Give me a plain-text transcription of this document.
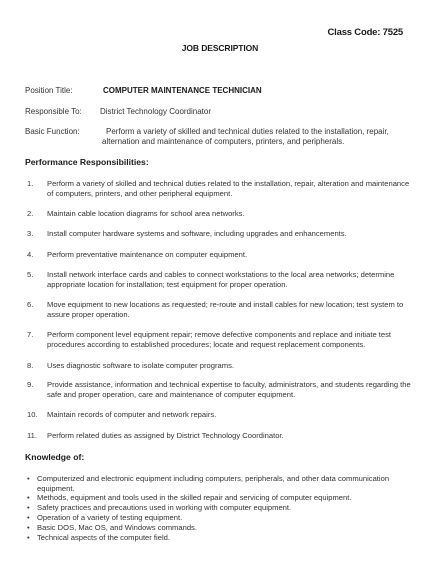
Class Code: 7525
JOB DESCRIPTION
Position Title:	COMPUTER MAINTENANCE TECHNICIAN
Responsible To: District Technology Coordinator
Basic Function:	Perform a variety of skilled and technical duties related to the installation, repair, alternation and maintenance of computers, printers, and peripherals.
Performance Responsibilities:
1. Perform a variety of skilled and technical duties related to the installation, repair, alteration and maintenance of computers, printers, and other peripheral equipment.
2. Maintain cable location diagrams for school area networks.
3. Install computer hardware systems and software, including upgrades and enhancements.
4. Perform preventative maintenance on computer equipment.
5. Install network interface cards and cables to connect workstations to the local area networks; determine appropriate location for installation; test equipment for proper operation.
6. Move equipment to new locations as requested; re-route and install cables for new location; test system to assure proper operation.
7. Perform component level equipment repair; remove defective components and replace and initiate test procedures according to established procedures; locate and request replacement components.
8. Uses diagnostic software to isolate computer programs.
9. Provide assistance, information and technical expertise to faculty, administrators, and students regarding the safe and proper operation, care and maintenance of computer equipment.
10. Maintain records of computer and network repairs.
11. Perform related duties as assigned by District Technology Coordinator.
Knowledge of:
• Computerized and electronic equipment including computers, peripherals, and other data communication equipment.
• Methods, equipment and tools used in the skilled repair and servicing of computer equipment.
• Safety practices and precautions used in working with computer equipment.
• Operation of a variety of testing equipment.
• Basic DOS, Mac OS, and Windows commands.
• Technical aspects of the computer field.
